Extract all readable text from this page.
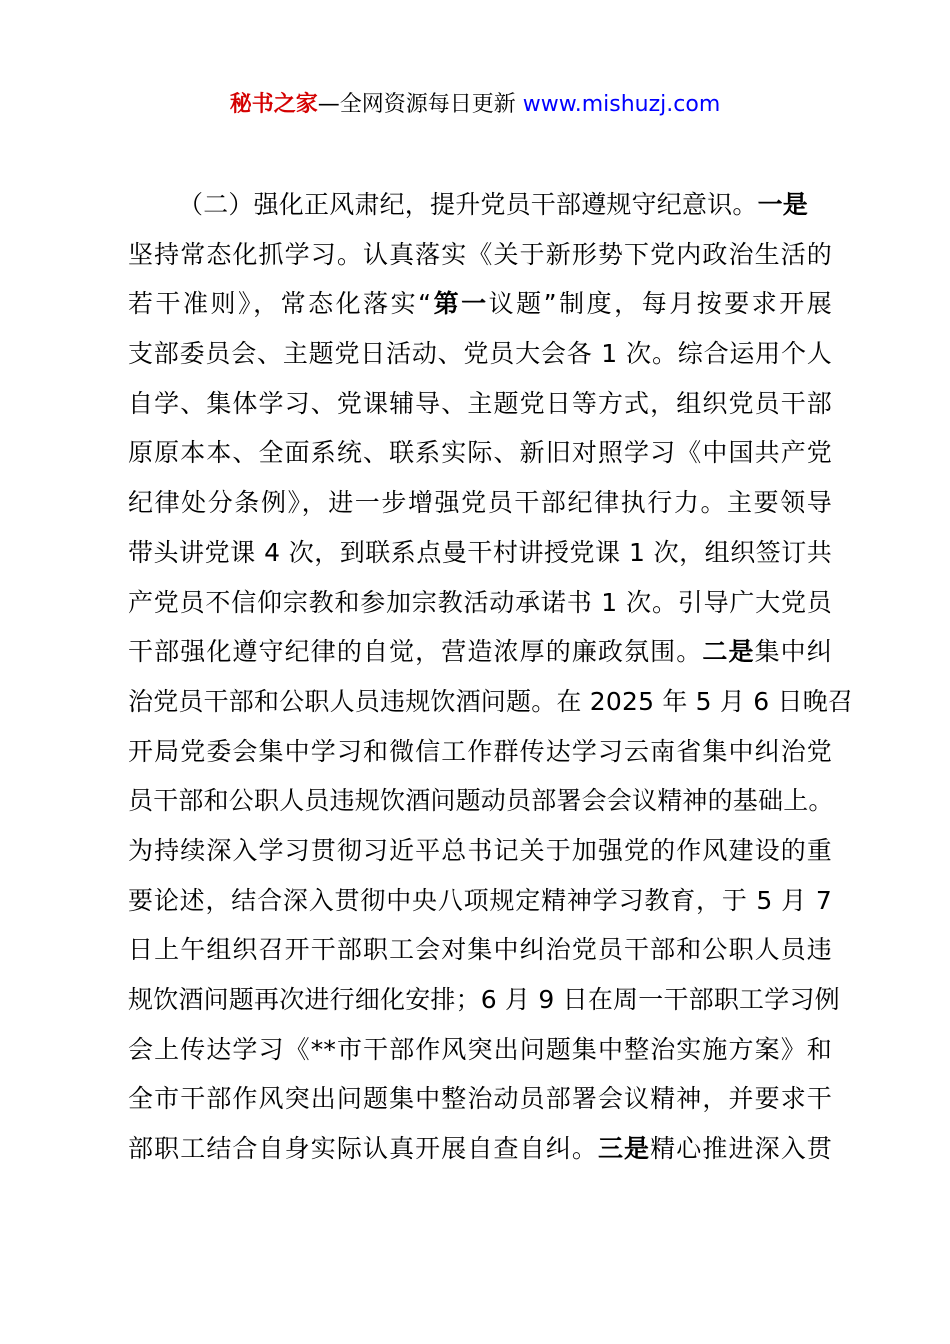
秘书之家—全网资源每日更新 www.mishuzj.com
（二）强化正风肃纪，提升党员干部遵规守纪意识。一是
坚持常态化抓学习。认真落实《关于新形势下党内政治生活的
若干准则》，常态化落实“第一议题”制度，每月按要求开展
支部委员会、主题党日活动、党员大会各 1 次。综合运用个人
自学、集体学习、党课辅导、主题党日等方式，组织党员干部
原原本本、全面系统、联系实际、新旧对照学习《中国共产党
纪律处分条例》，进一步增强党员干部纪律执行力。主要领导
带头讲党课 4 次，到联系点曼干村讲授党课 1 次，组织签订共
产党员不信仰宗教和参加宗教活动承诺书 1 次。引导广大党员
干部强化遵守纪律的自觉，营造浓厚的廉政氛围。二是集中纠
治党员干部和公职人员违规饮酒问题。在 2025 年 5 月 6 日晚召
开局党委会集中学习和微信工作群传达学习云南省集中纠治党
员干部和公职人员违规饮酒问题动员部署会会议精神的基础上。
为持续深入学习贯彻习近平总书记关于加强党的作风建设的重
要论述，结合深入贯彻中央八项规定精神学习教育，于 5 月 7
日上午组织召开干部职工会对集中纠治党员干部和公职人员违
规饮酒问题再次进行细化安排；6 月 9 日在周一干部职工学习例
会上传达学习《**市干部作风突出问题集中整治实施方案》和
全市干部作风突出问题集中整治动员部署会议精神，并要求干
部职工结合自身实际认真开展自查自纠。三是精心推进深入贯
